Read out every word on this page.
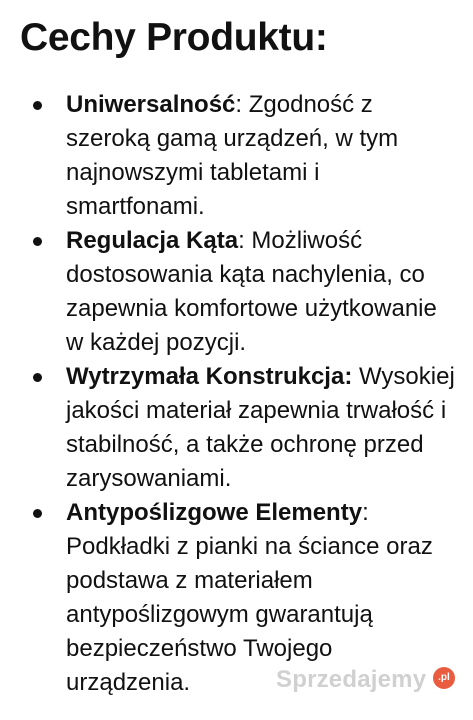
Cechy Produktu:
Uniwersalność: Zgodność z szeroką gamą urządzeń, w tym najnowszymi tabletami i smartfonami.
Regulacja Kąta: Możliwość dostosowania kąta nachylenia, co zapewnia komfortowe użytkowanie w każdej pozycji.
Wytrzymała Konstrukcja: Wysokiej jakości materiał zapewnia trwałość i stabilność, a także ochronę przed zarysowaniami.
Antypoślizgowe Elementy: Podkładki z pianki na ściance oraz podstawa z materiałem antypoślizgowym gwarantują bezpieczeństwo Twojego urządzenia.	Sprzedajemy	.pl
